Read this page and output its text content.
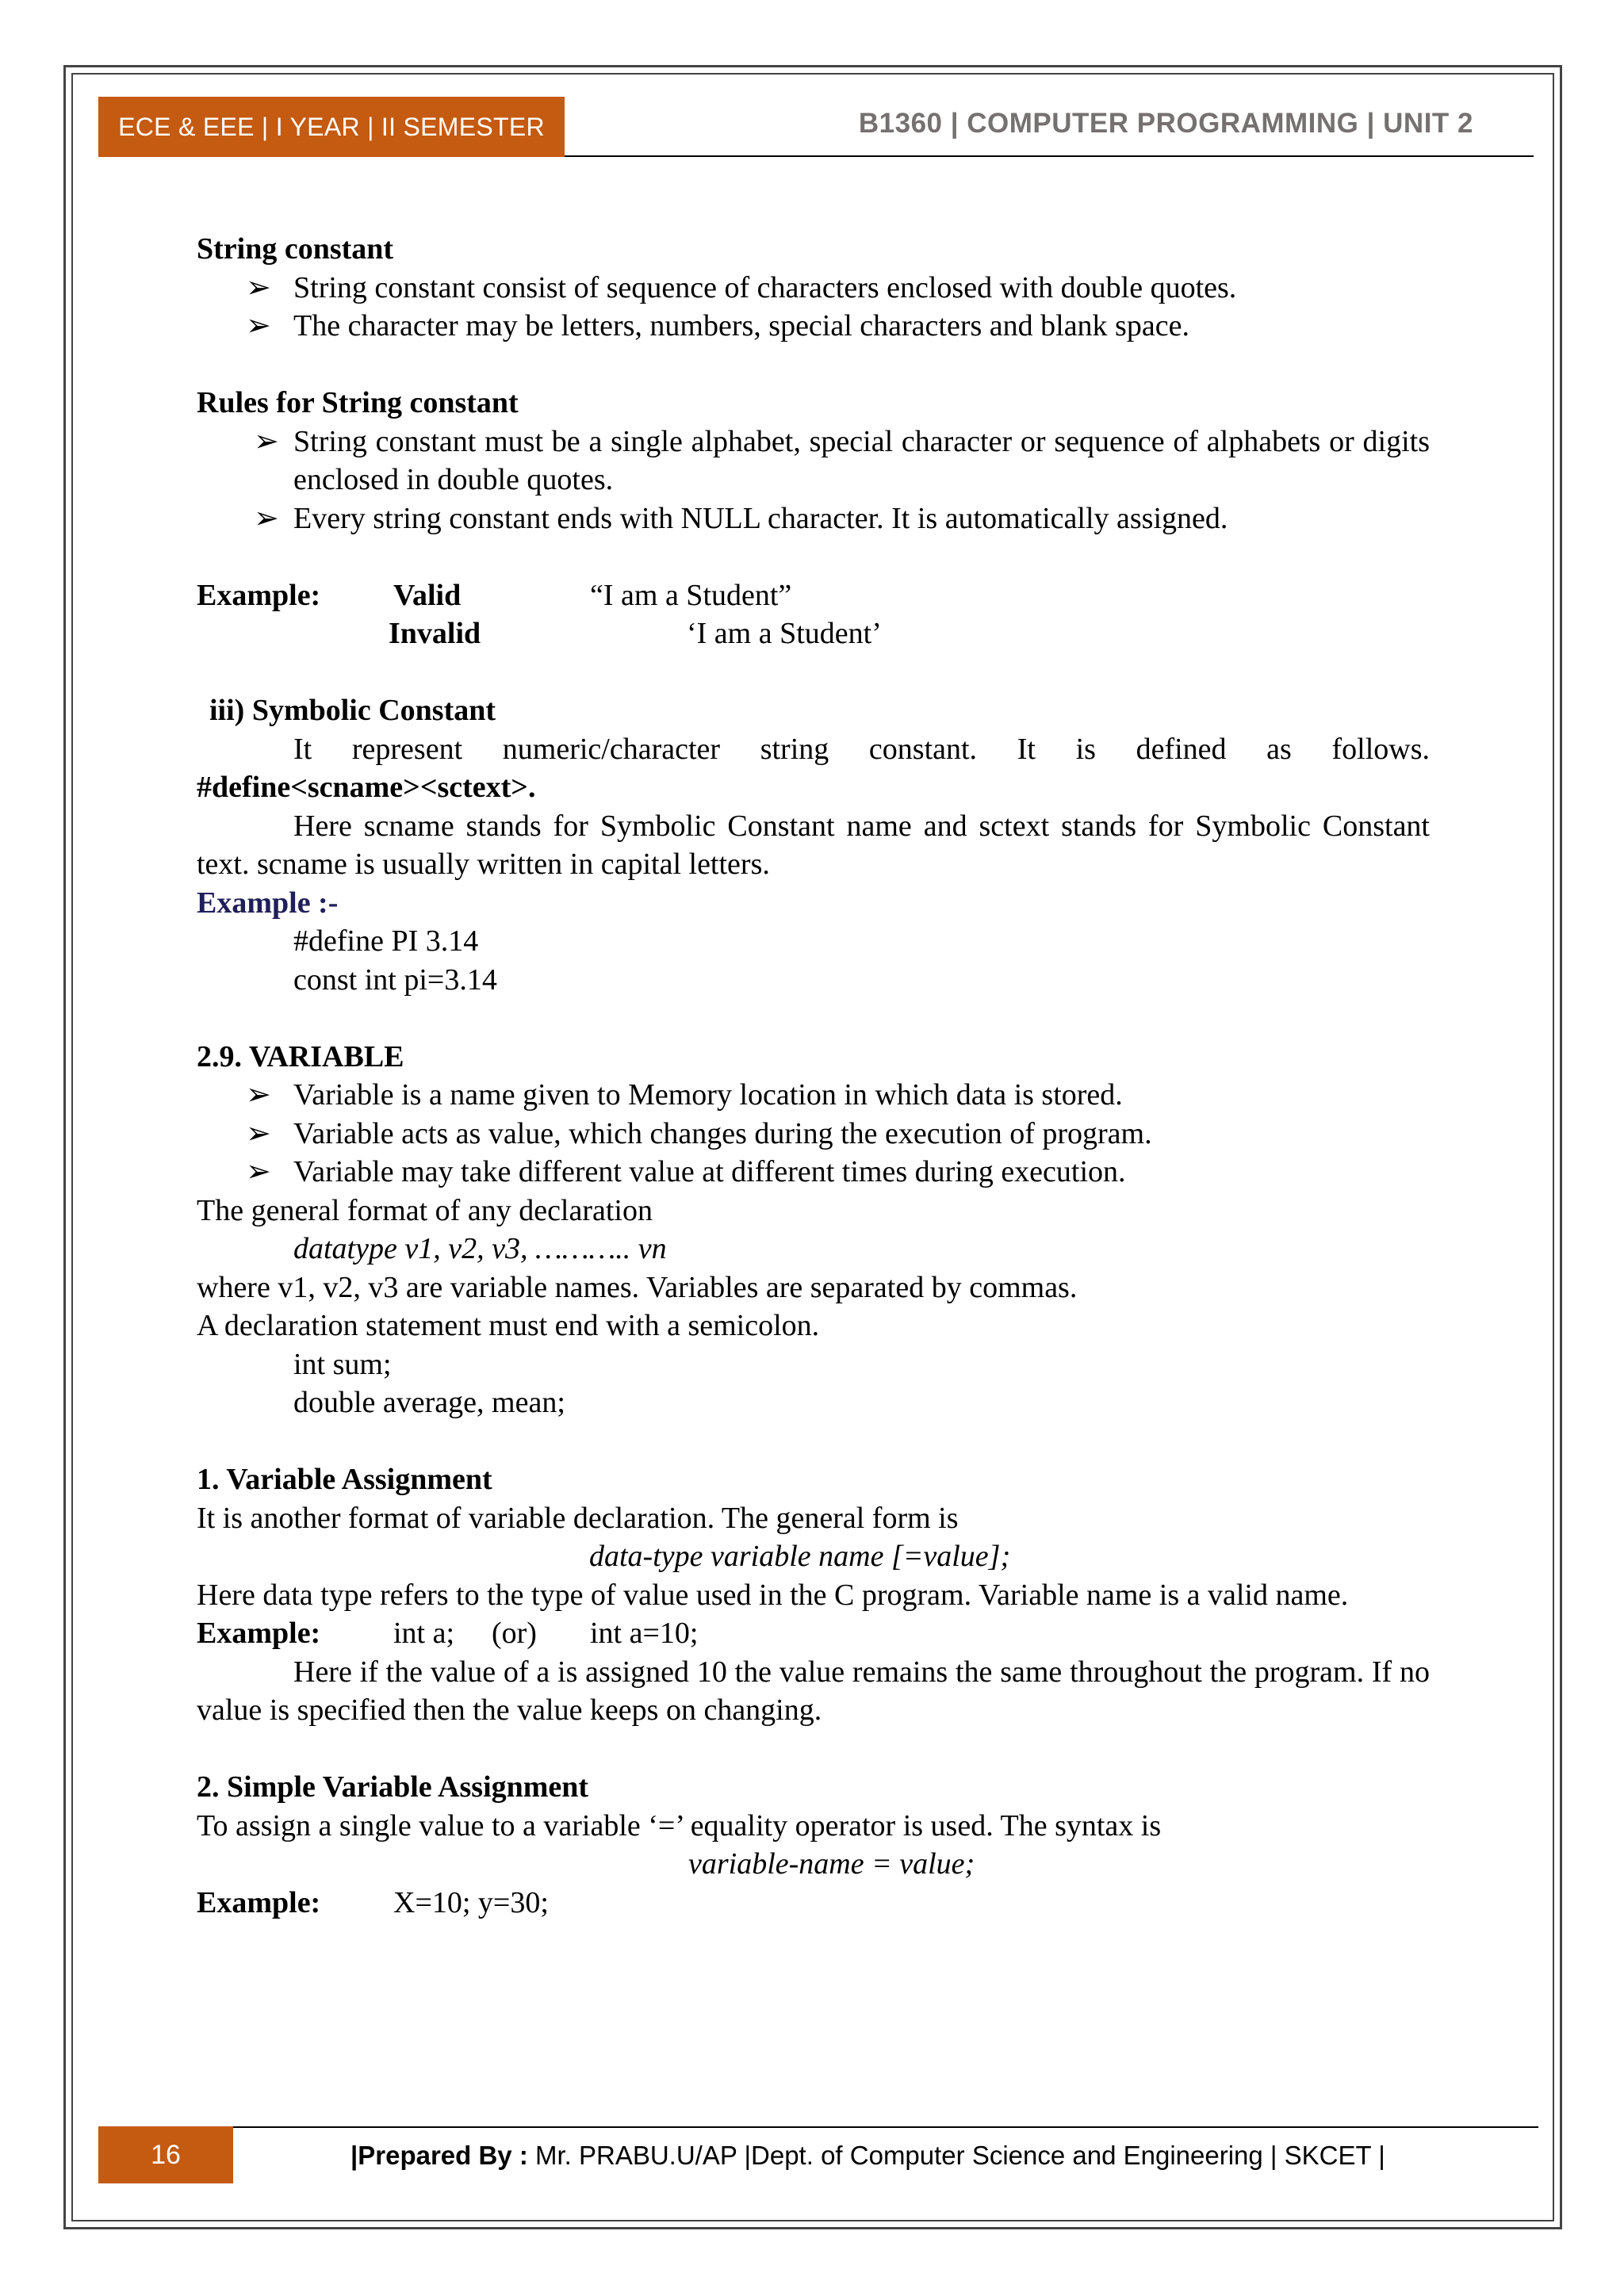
ECE & EEE | I YEAR | II SEMESTER	B1360 | COMPUTER PROGRAMMING | UNIT 2

String constant

➢ String constant consist of sequence of characters enclosed with double quotes.

➢ The character may be letters, numbers, special characters and blank space.

Rules for String constant

➢ String constant must be a single alphabet, special character or sequence of alphabets or digits enclosed in double quotes.

➢ Every string constant ends with NULL character. It is automatically assigned.

Example: Valid	“I am a Student”
Invalid	‘I am a Student’

iii) Symbolic Constant

It represent numeric/character string constant. It is defined as follows.

#define<scname><sctext>.

Here scname stands for Symbolic Constant name and sctext stands for Symbolic Constant text. scname is usually written in capital letters.

Example :-

#define PI 3.14

const int pi=3.14

2.9. VARIABLE

➢ Variable is a name given to Memory location in which data is stored.

➢ Variable acts as value, which changes during the execution of program.

➢ Variable may take different value at different times during execution.

The general format of any declaration

datatype v1, v2, v3, ……….. vn

where v1, v2, v3 are variable names. Variables are separated by commas.

A declaration statement must end with a semicolon.

int sum;

double average, mean;

1. Variable Assignment

It is another format of variable declaration. The general form is

data-type variable name [=value];

Here data type refers to the type of value used in the C program. Variable name is a valid name.

Example: int a; (or) int a=10;

Here if the value of a is assigned 10 the value remains the same throughout the program. If no value is specified then the value keeps on changing.

2. Simple Variable Assignment

To assign a single value to a variable ‘=’ equality operator is used. The syntax is

variable-name = value;

Example: X=10; y=30;
16	|Prepared By : Mr. PRABU.U/AP |Dept. of Computer Science and Engineering | SKCET |
